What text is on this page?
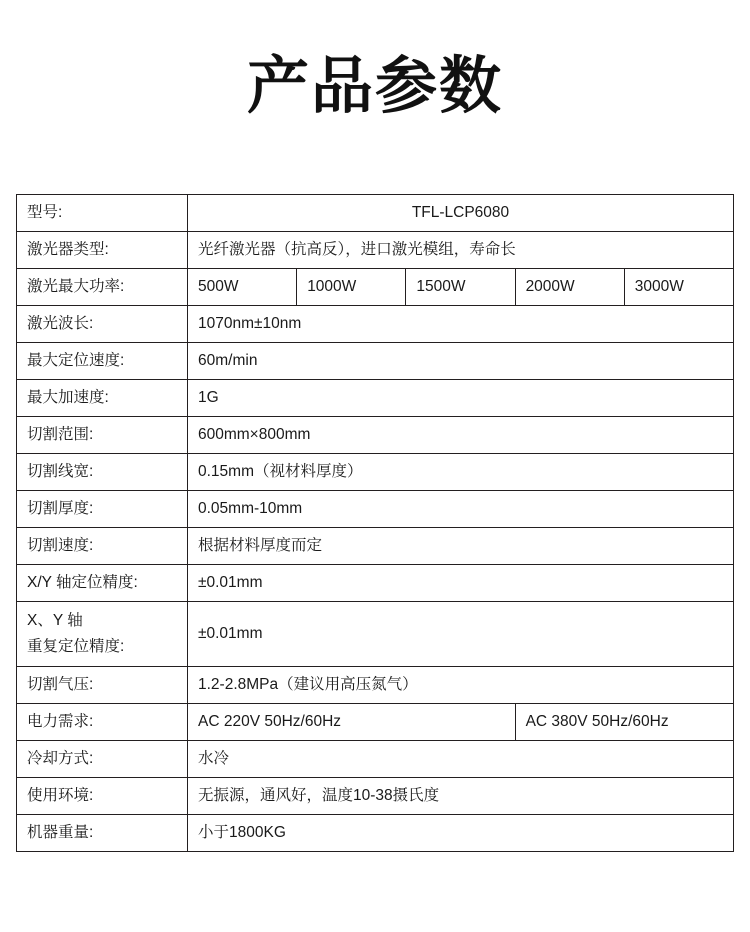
产品参数
型号:	TFL-LCP6080				
激光器类型:	光纤激光器（抗高反），进口激光模组，寿命长				
激光最大功率:	500W	1000W	1500W	2000W	3000W
激光波长:	1070nm±10nm				
最大定位速度:	60m/min				
最大加速度:	1G				
切割范围:	600mm×800mm				
切割线宽:	0.15mm（视材料厚度）				
切割厚度:	0.05mm-10mm				
切割速度:	根据材料厚度而定				
X/Y 轴定位精度:	±0.01mm				

X、Y 轴
重复定位精度:	±0.01mm				
切割气压:	1.2-2.8MPa（建议用高压氮气）				
电力需求:	AC 220V 50Hz/60Hz			AC 380V 50Hz/60Hz	
冷却方式:	水冷				
使用环境:	无振源，通风好，温度10-38摄氏度				
机器重量:	小于1800KG				
